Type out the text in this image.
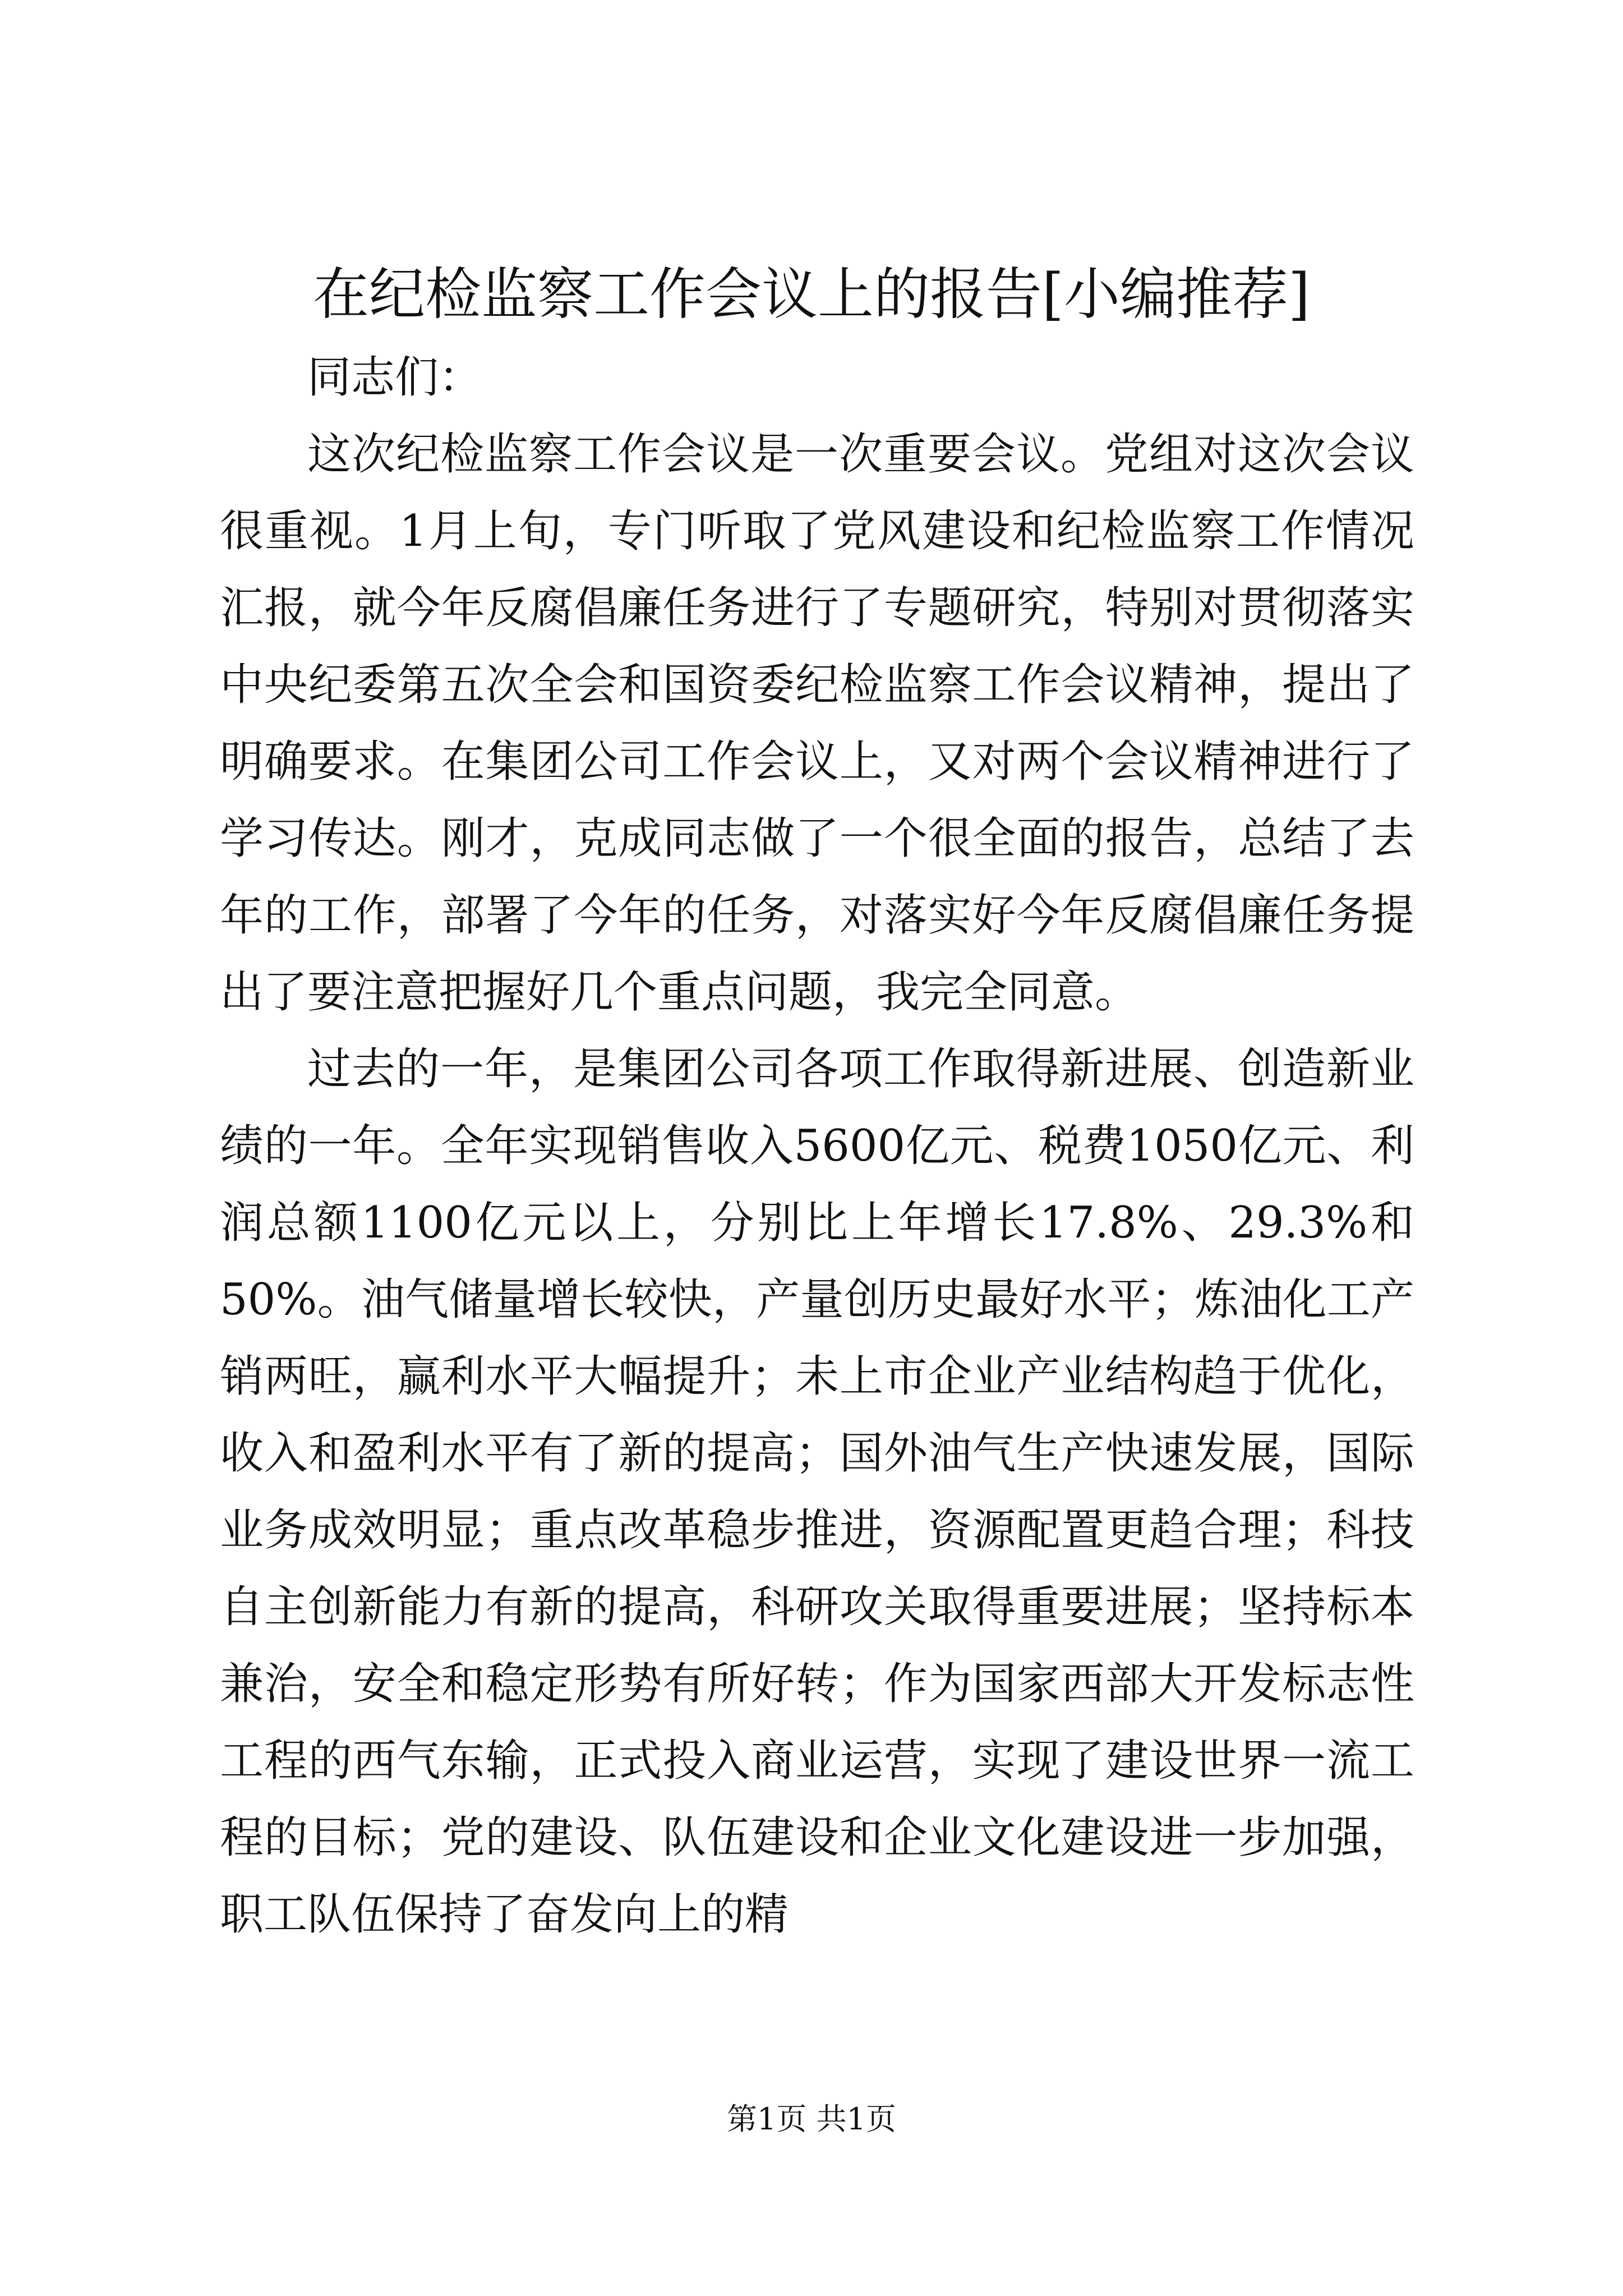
在纪检监察工作会议上的报告[小编推荐]

同志们：

这次纪检监察工作会议是一次重要会议。党组对这次会议很重视。1月上旬，专门听取了党风建设和纪检监察工作情况汇报，就今年反腐倡廉任务进行了专题研究，特别对贯彻落实中央纪委第五次全会和国资委纪检监察工作会议精神，提出了明确要求。在集团公司工作会议上，又对两个会议精神进行了学习传达。刚才，克成同志做了一个很全面的报告，总结了去年的工作，部署了今年的任务，对落实好今年反腐倡廉任务提出了要注意把握好几个重点问题，我完全同意。

过去的一年，是集团公司各项工作取得新进展、创造新业绩的一年。全年实现销售收入5600亿元、税费1050亿元、利润总额1100亿元以上，分别比上年增长17.8%、29.3%和50%。油气储量增长较快，产量创历史最好水平；炼油化工产销两旺，赢利水平大幅提升；未上市企业产业结构趋于优化，收入和盈利水平有了新的提高；国外油气生产快速发展，国际业务成效明显；重点改革稳步推进，资源配置更趋合理；科技自主创新能力有新的提高，科研攻关取得重要进展；坚持标本兼治，安全和稳定形势有所好转；作为国家西部大开发标志性工程的西气东输，正式投入商业运营，实现了建设世界一流工程的目标；党的建设、队伍建设和企业文化建设进一步加强，职工队伍保持了奋发向上的精

第1页 共1页
